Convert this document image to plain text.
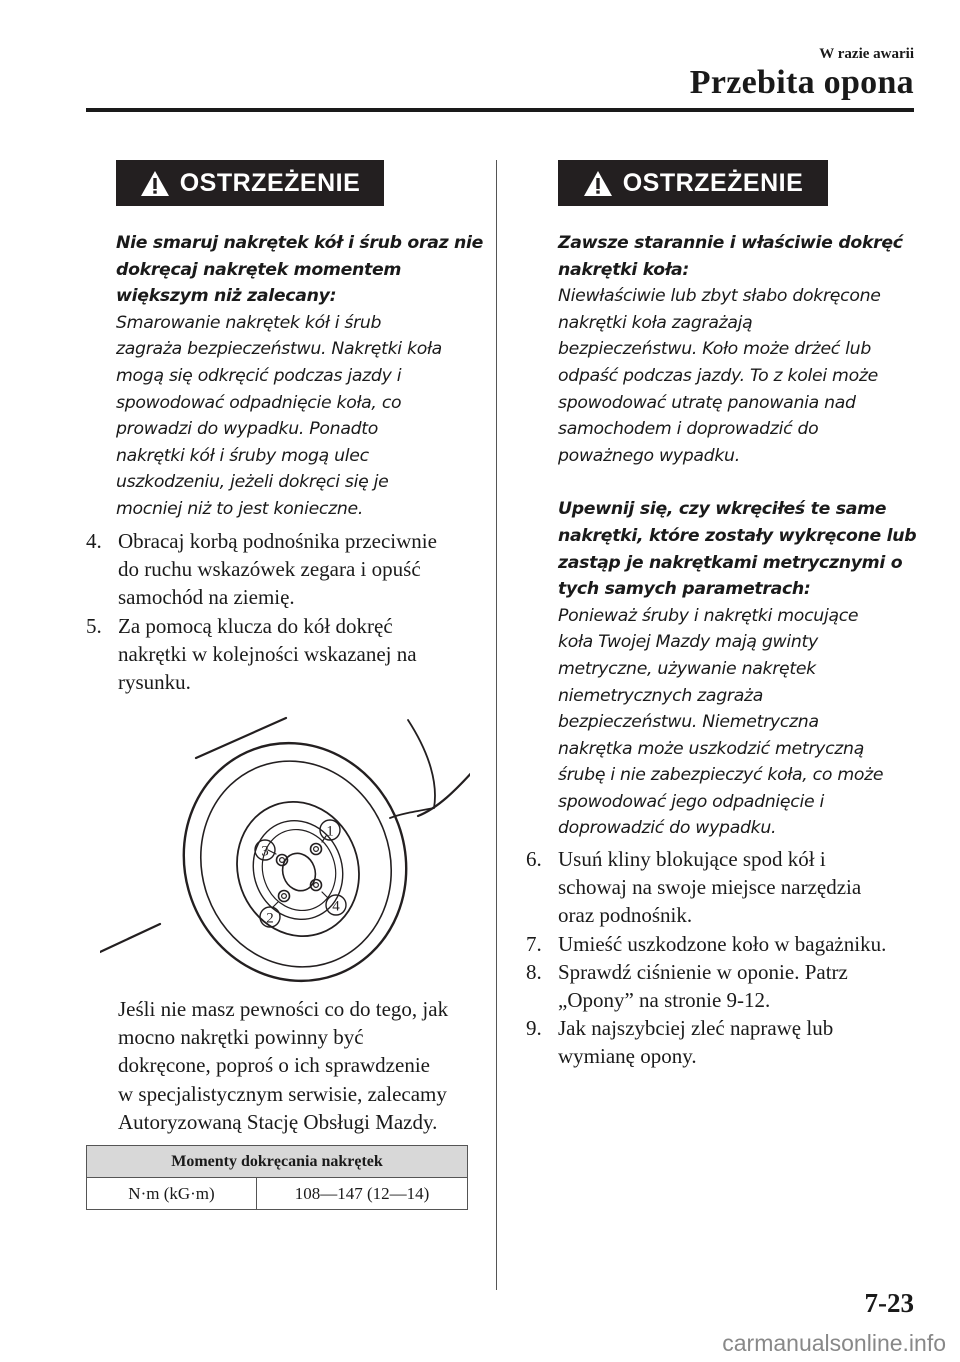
W razie awarii
Przebita opona
OSTRZEŻENIE

Nie smaruj nakrętek kół i śrub oraz nie

dokręcaj nakrętek momentem

większym niż zalecany:

Smarowanie nakrętek kół i śrub

zagraża bezpieczeństwu. Nakrętki koła

mogą się odkręcić podczas jazdy i

spowodować odpadnięcie koła, co

prowadzi do wypadku. Ponadto

nakrętki kół i śruby mogą ulec

uszkodzeniu, jeżeli dokręci się je

mocniej niż to jest konieczne.

4. Obracaj korbą podnośnika przeciwnie
do ruchu wskazówek zegara i opuść
samochód na ziemię.
5. Za pomocą klucza do kół dokręć
nakrętki w kolejności wskazanej na
rysunku.
1
2
3
4
Jeśli nie masz pewności co do tego, jak
mocno nakrętki powinny być
dokręcone, poproś o ich sprawdzenie
w specjalistycznym serwisie, zalecamy
Autoryzowaną Stację Obsługi Mazdy.
Momenty dokręcania nakrętek
N·m (kG·m)	108—147 (12—14)
OSTRZEŻENIE

Zawsze starannie i właściwie dokręć

nakrętki koła:

Niewłaściwie lub zbyt słabo dokręcone

nakrętki koła zagrażają

bezpieczeństwu. Koło może drżeć lub

odpaść podczas jazdy. To z kolei może

spowodować utratę panowania nad

samochodem i doprowadzić do

poważnego wypadku.

Upewnij się, czy wkręciłeś te same

nakrętki, które zostały wykręcone lub

zastąp je nakrętkami metrycznymi o

tych samych parametrach:

Ponieważ śruby i nakrętki mocujące

koła Twojej Mazdy mają gwinty

metryczne, używanie nakrętek

niemetrycznych zagraża

bezpieczeństwu. Niemetryczna

nakrętka może uszkodzić metryczną

śrubę i nie zabezpieczyć koła, co może

spowodować jego odpadnięcie i

doprowadzić do wypadku.

6. Usuń kliny blokujące spod kół i
schowaj na swoje miejsce narzędzia
oraz podnośnik.
7. Umieść uszkodzone koło w bagażniku.
8. Sprawdź ciśnienie w oponie. Patrz
„Opony” na stronie 9-12.
9. Jak najszybciej zleć naprawę lub
wymianę opony.
7-23
carmanualsonline.info
